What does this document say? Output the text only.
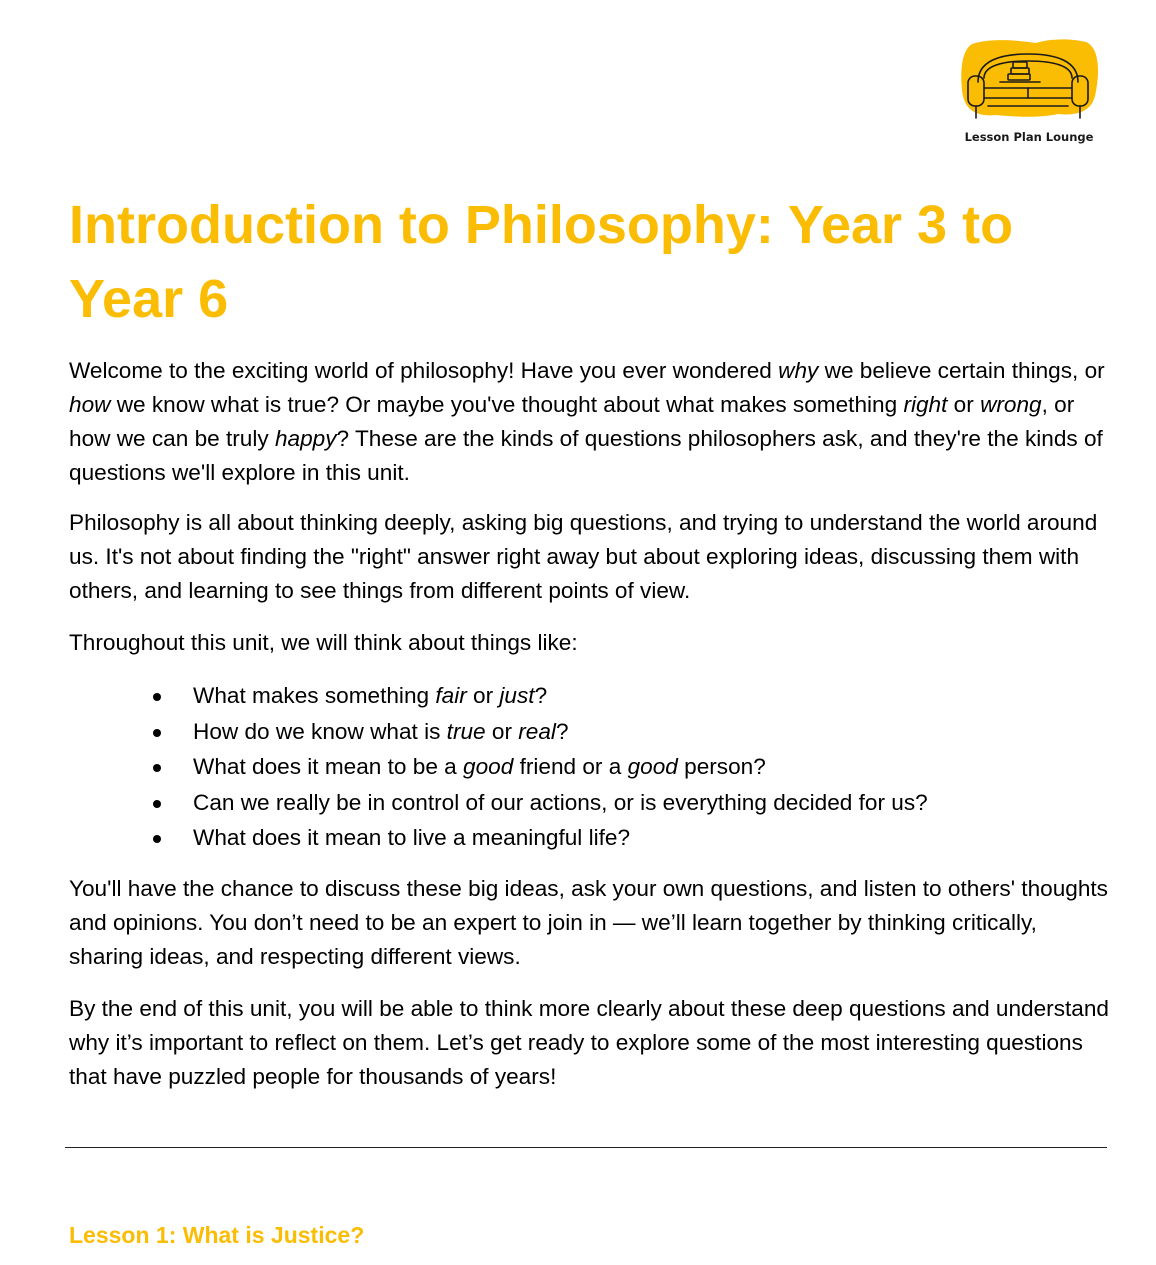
Lesson Plan Lounge
Introduction to Philosophy: Year 3 to Year 6

Welcome to the exciting world of philosophy! Have you ever wondered why we believe certain things, or how we know what is true? Or maybe you've thought about what makes something right or wrong, or how we can be truly happy? These are the kinds of questions philosophers ask, and they're the kinds of questions we'll explore in this unit.

Philosophy is all about thinking deeply, asking big questions, and trying to understand the world around us. It's not about finding the "right" answer right away but about exploring ideas, discussing them with others, and learning to see things from different points of view.

Throughout this unit, we will think about things like:

What makes something fair or just?
How do we know what is true or real?
What does it mean to be a good friend or a good person?
Can we really be in control of our actions, or is everything decided for us?
What does it mean to live a meaningful life?

You'll have the chance to discuss these big ideas, ask your own questions, and listen to others' thoughts and opinions. You don’t need to be an expert to join in — we’ll learn together by thinking critically, sharing ideas, and respecting different views.

By the end of this unit, you will be able to think more clearly about these deep questions and understand why it’s important to reflect on them. Let’s get ready to explore some of the most interesting questions that have puzzled people for thousands of years!

Lesson 1: What is Justice?
